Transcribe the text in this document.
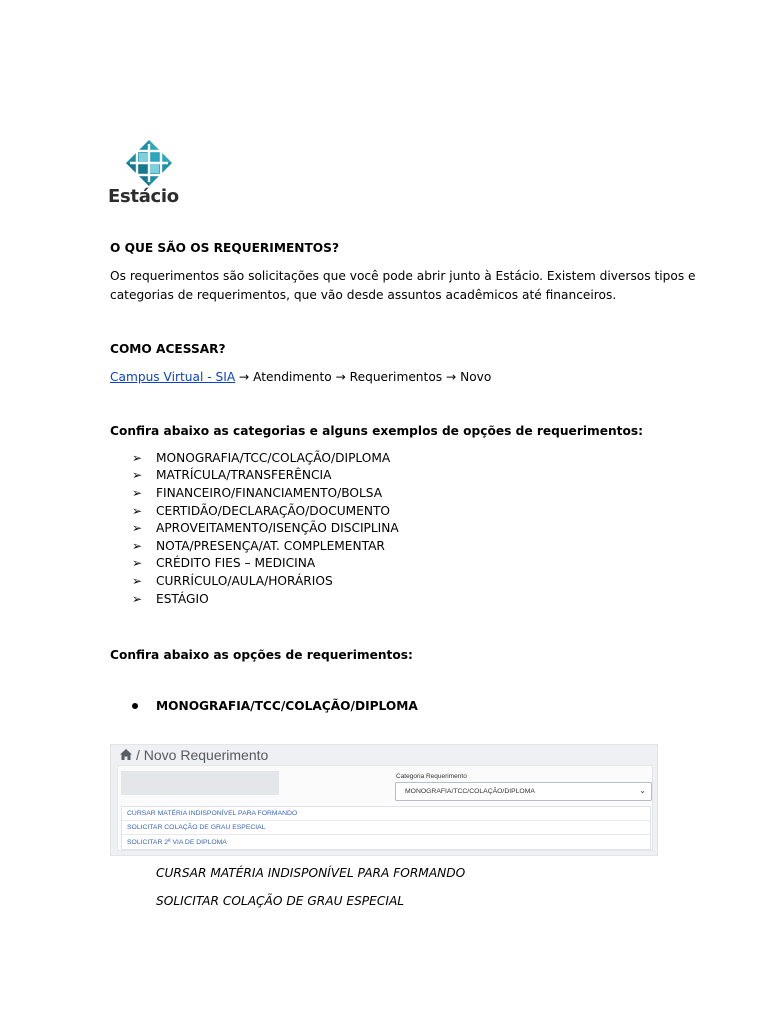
Estácio
O QUE SÃO OS REQUERIMENTOS?
Os requerimentos são solicitações que você pode abrir junto à Estácio. Existem diversos tipos e
categorias de requerimentos, que vão desde assuntos acadêmicos até financeiros.
COMO ACESSAR?
Campus Virtual - SIA → Atendimento → Requerimentos → Novo
Confira abaixo as categorias e alguns exemplos de opções de requerimentos:
➢	MONOGRAFIA/TCC/COLAÇÃO/DIPLOMA
➢	MATRÍCULA/TRANSFERÊNCIA
➢	FINANCEIRO/FINANCIAMENTO/BOLSA
➢	CERTIDÃO/DECLARAÇÃO/DOCUMENTO
➢	APROVEITAMENTO/ISENÇÃO DISCIPLINA
➢	NOTA/PRESENÇA/AT. COMPLEMENTAR
➢	CRÉDITO FIES – MEDICINA
➢	CURRÍCULO/AULA/HORÁRIOS
➢	ESTÁGIO
Confira abaixo as opções de requerimentos:
MONOGRAFIA/TCC/COLAÇÃO/DIPLOMA
/ Novo Requerimento
Categoria Requerimento
MONOGRAFIA/TCC/COLAÇÃO/DIPLOMA	⌄
CURSAR MATÉRIA INDISPONÍVEL PARA FORMANDO
SOLICITAR COLAÇÃO DE GRAU ESPECIAL
SOLICITAR 2ª VIA DE DIPLOMA
CURSAR MATÉRIA INDISPONÍVEL PARA FORMANDO
SOLICITAR COLAÇÃO DE GRAU ESPECIAL
